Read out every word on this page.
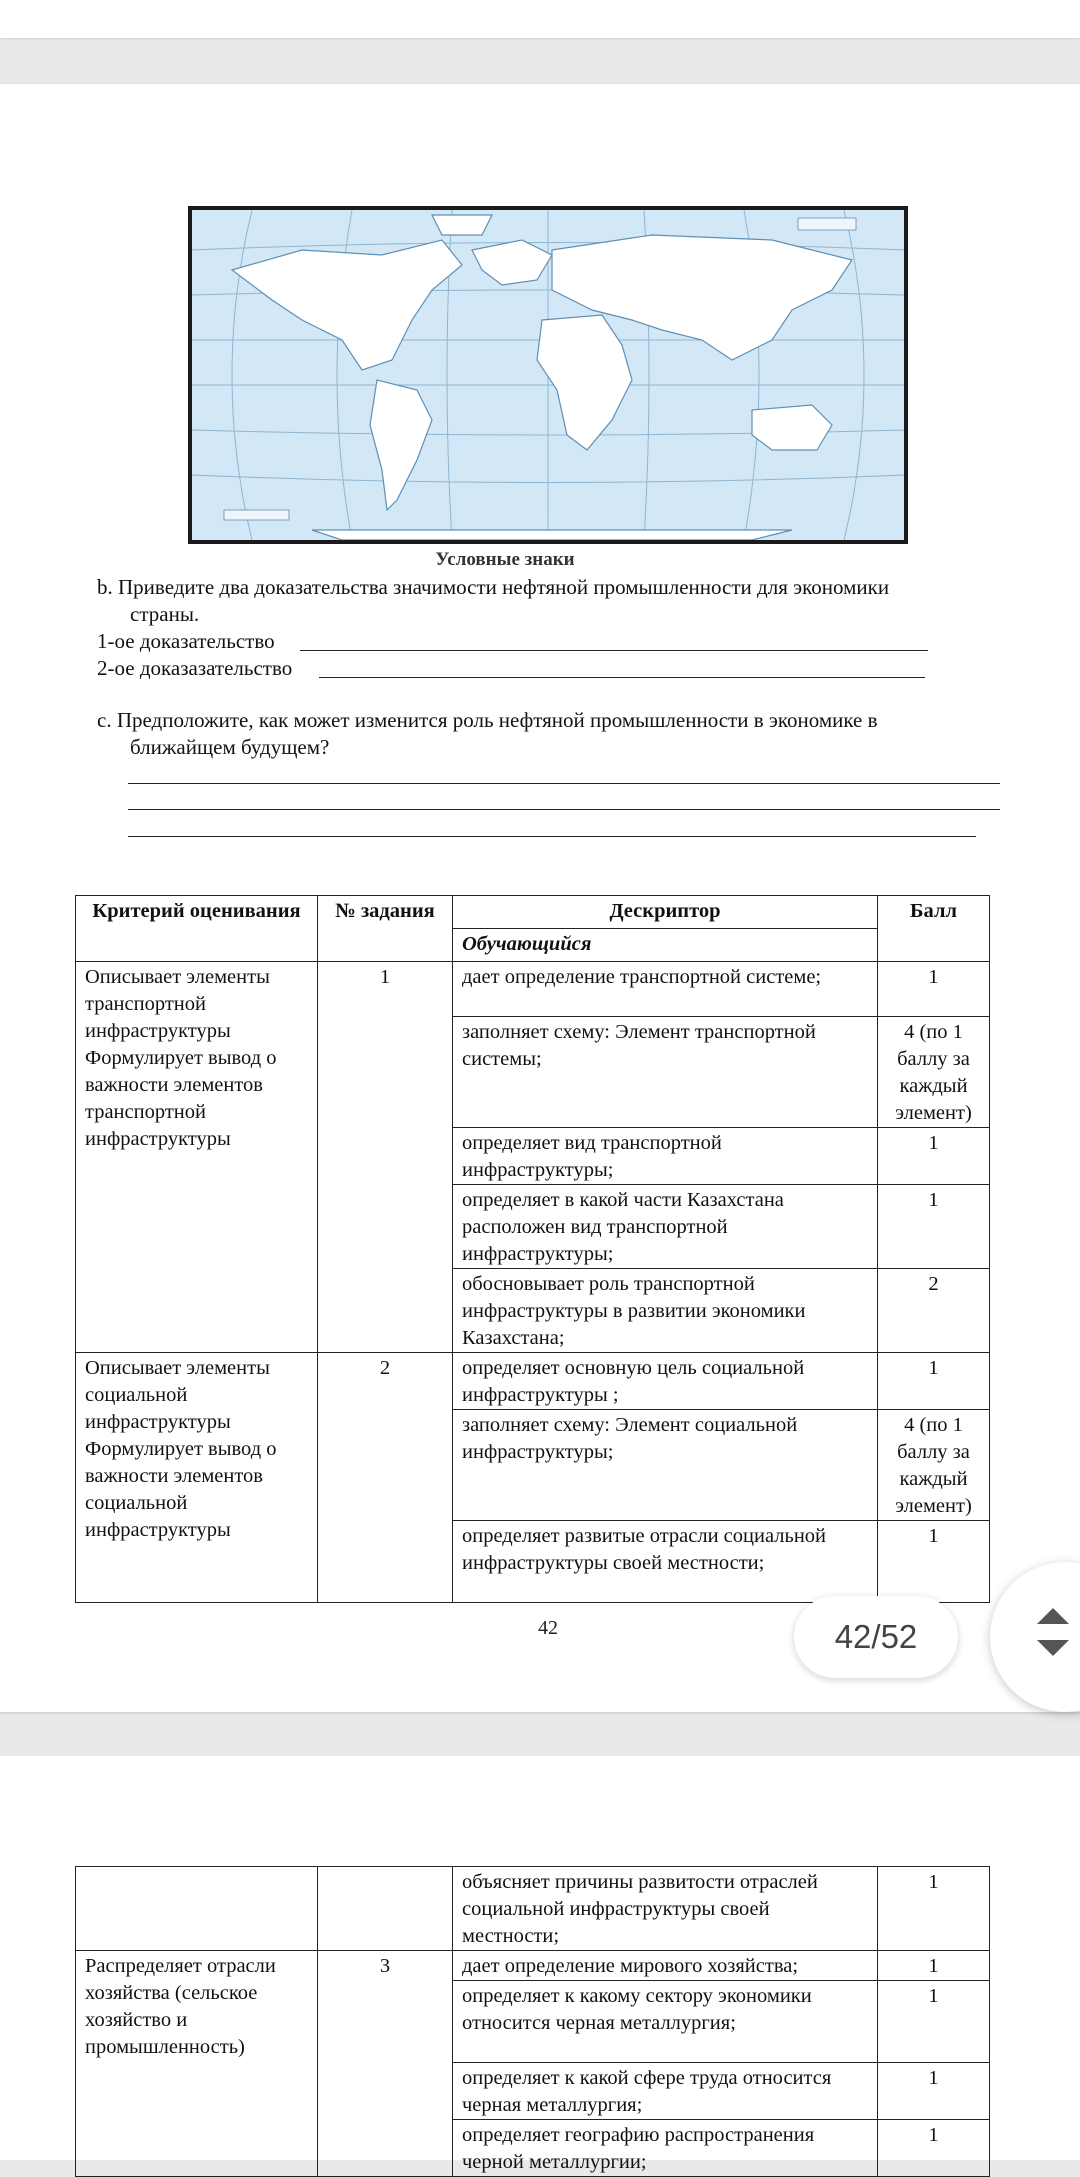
Условные знаки
b. Приведите два доказательства значимости нефтяной промышленности для экономики
страны.
1-ое доказательство
2-ое доказазательство
c. Предположите, как может изменится роль нефтяной промышленности в экономике в
ближайщем будущем?
Критерий оценивания	№ задания	Дескриптор	Балл
		Обучающийся	
Описывает элементы транспортной инфраструктуры Формулирует вывод о важности элементов транспортной инфраструктуры	1	дает определение транспортной системе;	1
		заполняет схему: Элемент транспортной системы;	4 (по 1 баллу за каждый элемент)
		определяет вид транспортной инфраструктуры;	1
		определяет в какой части Казахстана расположен вид транспортной инфраструктуры;	1
		обосновывает роль транспортной инфраструктуры в развитии экономики Казахстана;	2
Описывает элементы социальной инфраструктуры Формулирует вывод о важности элементов социальной инфраструктуры	2	определяет основную цель социальной инфраструктуры ;	1
		заполняет схему: Элемент социальной инфраструктуры;	4 (по 1 баллу за каждый элемент)
		определяет развитые отрасли социальной инфраструктуры своей местности;	1
42
		объясняет причины развитости отраслей социальной инфраструктуры своей местности;	1
Распределяет отрасли хозяйства (сельское хозяйство и промышленность)	3	дает определение мирового хозяйства;	1
		определяет к какому сектору экономики относится черная металлургия;	1
		определяет к какой сфере труда относится черная металлургия;	1
		определяет географию распространения черной металлургии;	1
42/52
